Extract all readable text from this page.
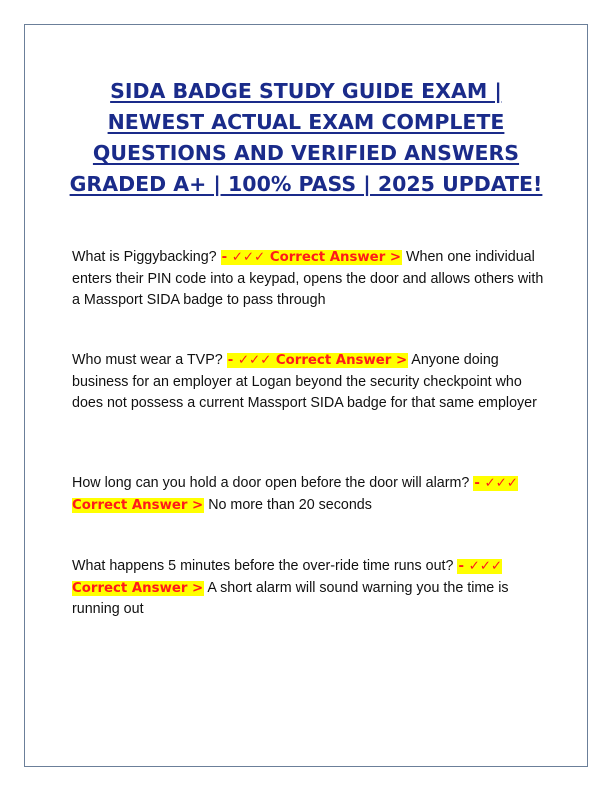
SIDA BADGE STUDY GUIDE EXAM | NEWEST ACTUAL EXAM COMPLETE QUESTIONS AND VERIFIED ANSWERS GRADED A+ | 100% PASS | 2025 UPDATE!
What is Piggybacking? - ✓✓✓ Correct Answer > When one individual enters their PIN code into a keypad, opens the door and allows others with a Massport SIDA badge to pass through
Who must wear a TVP? - ✓✓✓ Correct Answer > Anyone doing business for an employer at Logan beyond the security checkpoint who does not possess a current Massport SIDA badge for that same employer
How long can you hold a door open before the door will alarm? - ✓✓✓ Correct Answer > No more than 20 seconds
What happens 5 minutes before the over-ride time runs out? - ✓✓✓ Correct Answer > A short alarm will sound warning you the time is running out
